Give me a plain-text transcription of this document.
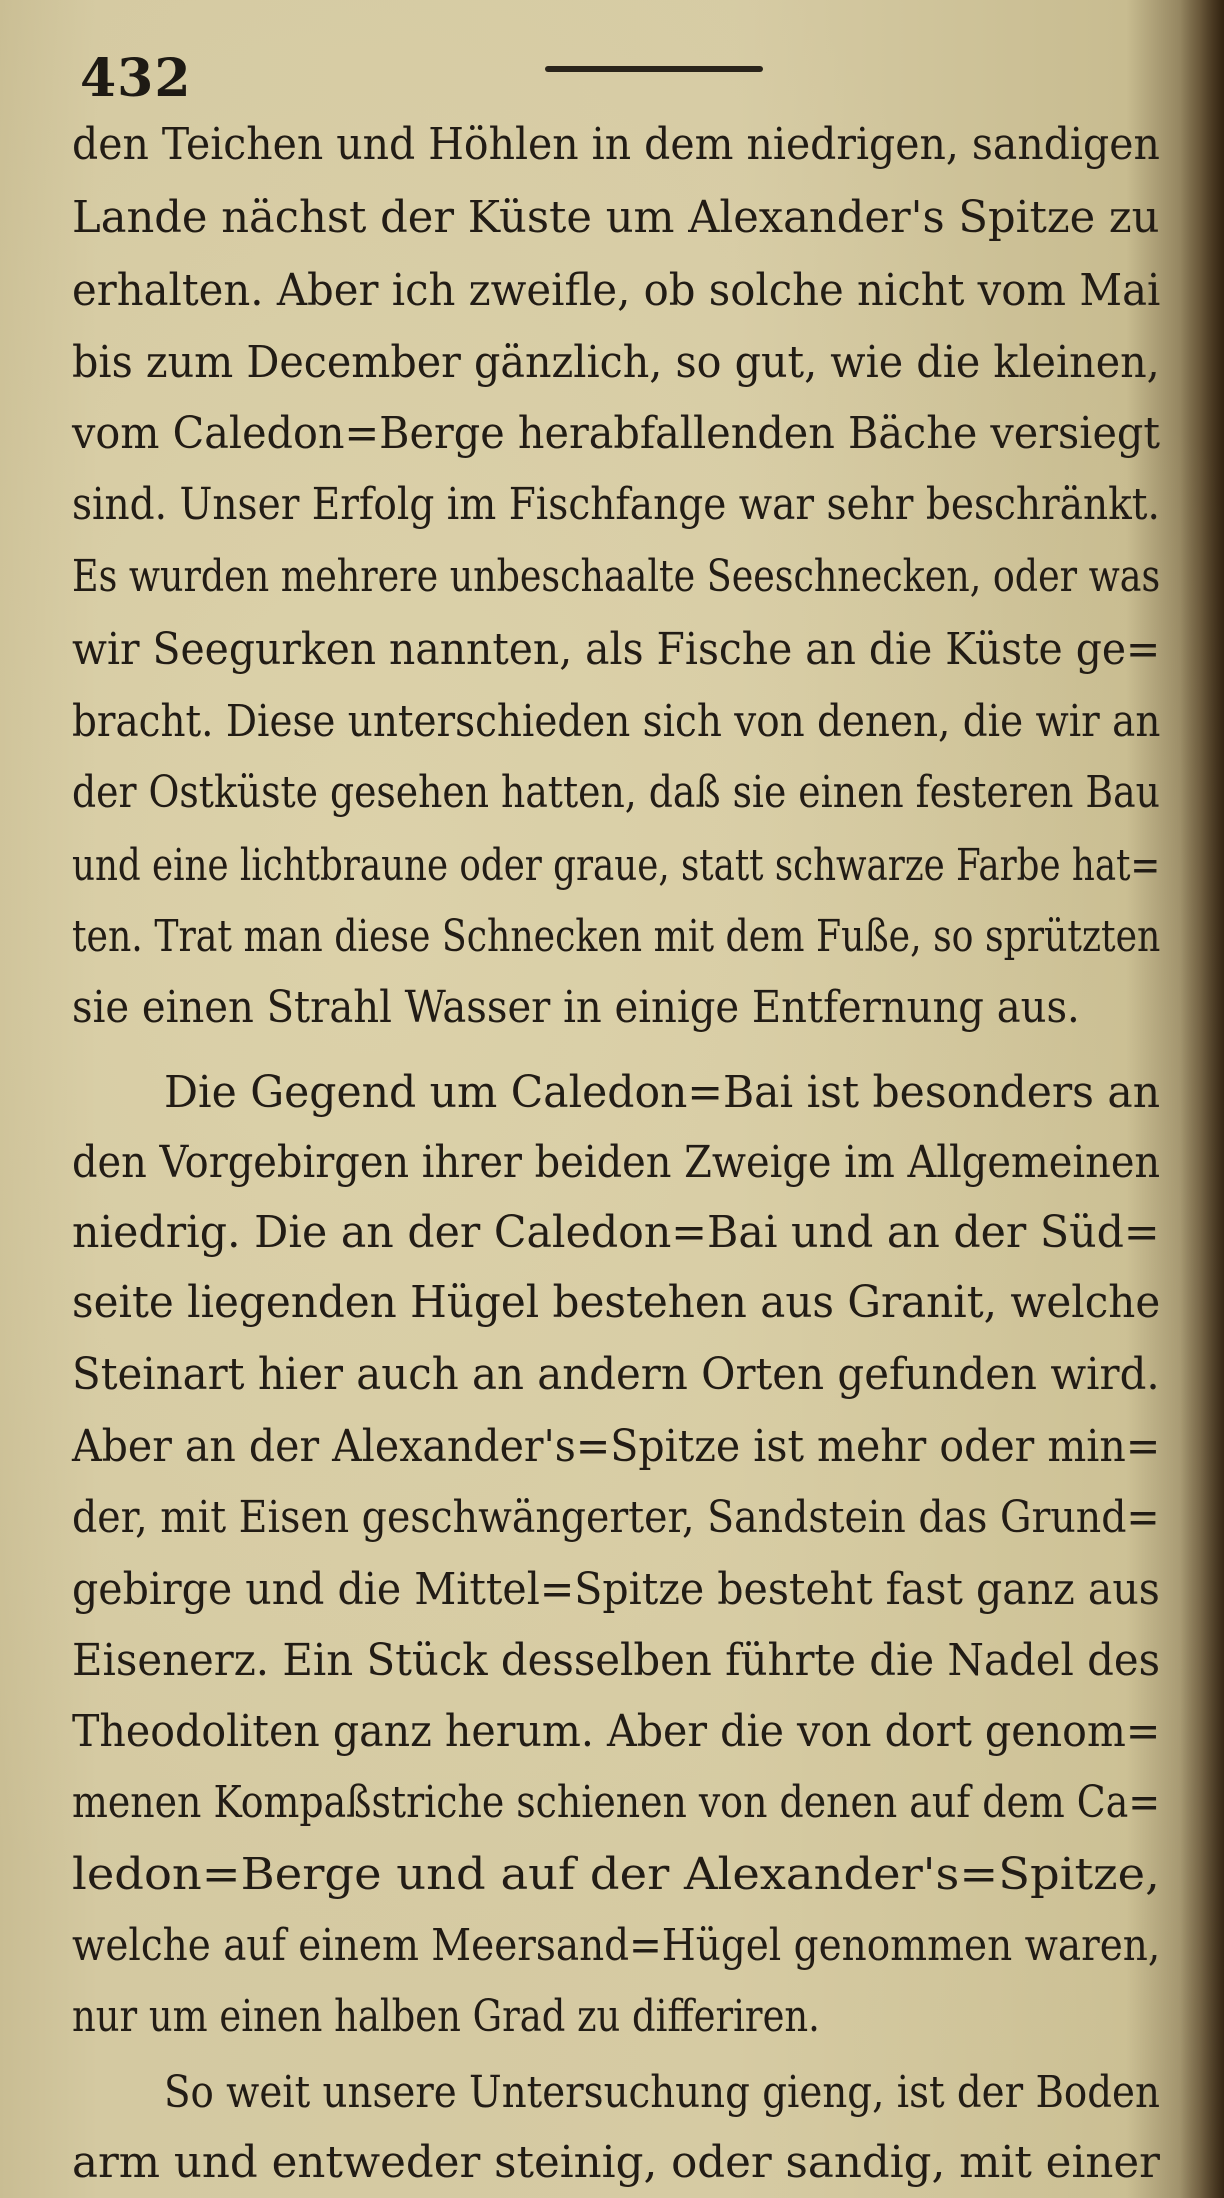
432
den Teichen und Höhlen in dem niedrigen, sandigen
Lande nächst der Küste um Alexander's Spitze zu
erhalten. Aber ich zweifle, ob solche nicht vom Mai
bis zum December gänzlich, so gut, wie die kleinen,
vom Caledon=Berge herabfallenden Bäche versiegt
sind. Unser Erfolg im Fischfange war sehr beschränkt.
Es wurden mehrere unbeschaalte Seeschnecken, oder was
wir Seegurken nannten, als Fische an die Küste ge=
bracht. Diese unterschieden sich von denen, die wir an
der Ostküste gesehen hatten, daß sie einen festeren Bau
und eine lichtbraune oder graue, statt schwarze Farbe hat=
ten. Trat man diese Schnecken mit dem Fuße, so sprützten
sie einen Strahl Wasser in einige Entfernung aus.
Die Gegend um Caledon=Bai ist besonders an
den Vorgebirgen ihrer beiden Zweige im Allgemeinen
niedrig. Die an der Caledon=Bai und an der Süd=
seite liegenden Hügel bestehen aus Granit, welche
Steinart hier auch an andern Orten gefunden wird.
Aber an der Alexander's=Spitze ist mehr oder min=
der, mit Eisen geschwängerter, Sandstein das Grund=
gebirge und die Mittel=Spitze besteht fast ganz aus
Eisenerz. Ein Stück desselben führte die Nadel des
Theodoliten ganz herum. Aber die von dort genom=
menen Kompaßstriche schienen von denen auf dem Ca=
ledon=Berge und auf der Alexander's=Spitze,
welche auf einem Meersand=Hügel genommen waren,
nur um einen halben Grad zu differiren.
So weit unsere Untersuchung gieng, ist der Boden
arm und entweder steinig, oder sandig, mit einer
